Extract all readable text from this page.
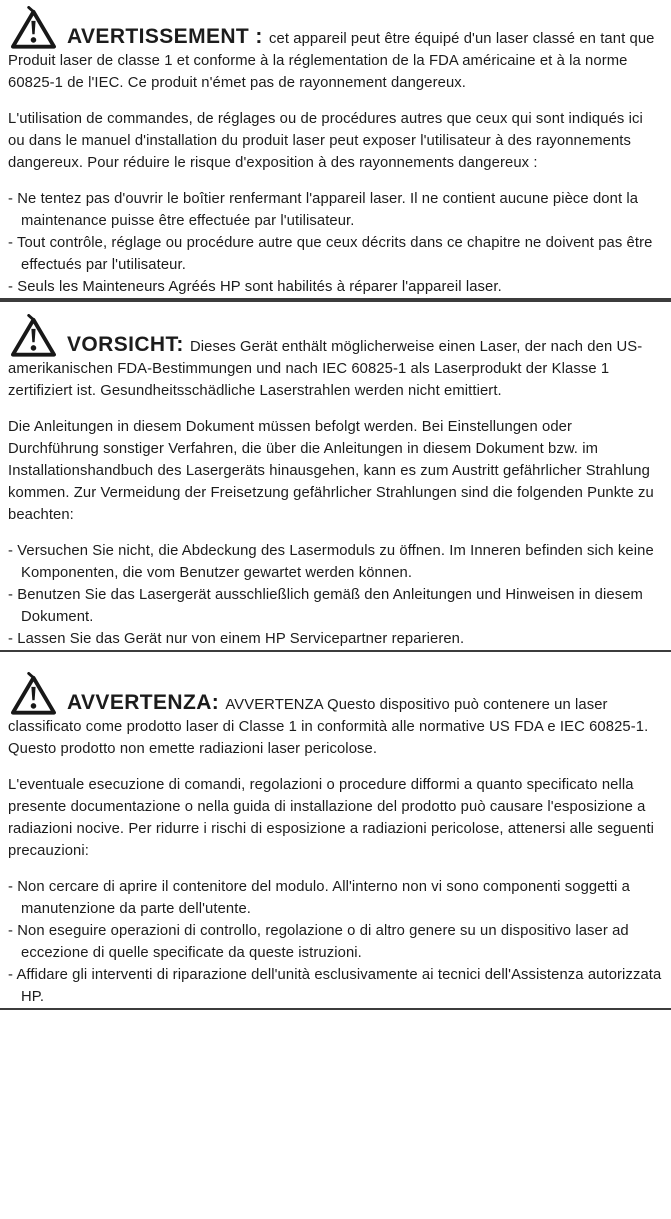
AVERTISSEMENT : cet appareil peut être équipé d'un laser classé en tant que Produit laser de classe 1 et conforme à la réglementation de la FDA américaine et à la norme 60825-1 de l'IEC. Ce produit n'émet pas de rayonnement dangereux.

L'utilisation de commandes, de réglages ou de procédures autres que ceux qui sont indiqués ici ou dans le manuel d'installation du produit laser peut exposer l'utilisateur à des rayonnements dangereux. Pour réduire le risque d'exposition à des rayonnements dangereux :

- Ne tentez pas d'ouvrir le boîtier renfermant l'appareil laser. Il ne contient aucune pièce dont la maintenance puisse être effectuée par l'utilisateur.
- Tout contrôle, réglage ou procédure autre que ceux décrits dans ce chapitre ne doivent pas être effectués par l'utilisateur.
- Seuls les Mainteneurs Agréés HP sont habilités à réparer l'appareil laser.

VORSICHT: Dieses Gerät enthält möglicherweise einen Laser, der nach den US-amerikanischen FDA-Bestimmungen und nach IEC 60825-1 als Laserprodukt der Klasse 1 zertifiziert ist. Gesundheitsschädliche Laserstrahlen werden nicht emittiert.

Die Anleitungen in diesem Dokument müssen befolgt werden. Bei Einstellungen oder Durchführung sonstiger Verfahren, die über die Anleitungen in diesem Dokument bzw. im Installationshandbuch des Lasergeräts hinausgehen, kann es zum Austritt gefährlicher Strahlung kommen. Zur Vermeidung der Freisetzung gefährlicher Strahlungen sind die folgenden Punkte zu beachten:

- Versuchen Sie nicht, die Abdeckung des Lasermoduls zu öffnen. Im Inneren befinden sich keine Komponenten, die vom Benutzer gewartet werden können.
- Benutzen Sie das Lasergerät ausschließlich gemäß den Anleitungen und Hinweisen in diesem Dokument.
- Lassen Sie das Gerät nur von einem HP Servicepartner reparieren.

AVVERTENZA: AVVERTENZA Questo dispositivo può contenere un laser classificato come prodotto laser di Classe 1 in conformità alle normative US FDA e IEC 60825-1. Questo prodotto non emette radiazioni laser pericolose.

L'eventuale esecuzione di comandi, regolazioni o procedure difformi a quanto specificato nella presente documentazione o nella guida di installazione del prodotto può causare l'esposizione a radiazioni nocive. Per ridurre i rischi di esposizione a radiazioni pericolose, attenersi alle seguenti precauzioni:

- Non cercare di aprire il contenitore del modulo. All'interno non vi sono componenti soggetti a manutenzione da parte dell'utente.
- Non eseguire operazioni di controllo, regolazione o di altro genere su un dispositivo laser ad eccezione di quelle specificate da queste istruzioni.
- Affidare gli interventi di riparazione dell'unità esclusivamente ai tecnici dell'Assistenza autorizzata HP.
